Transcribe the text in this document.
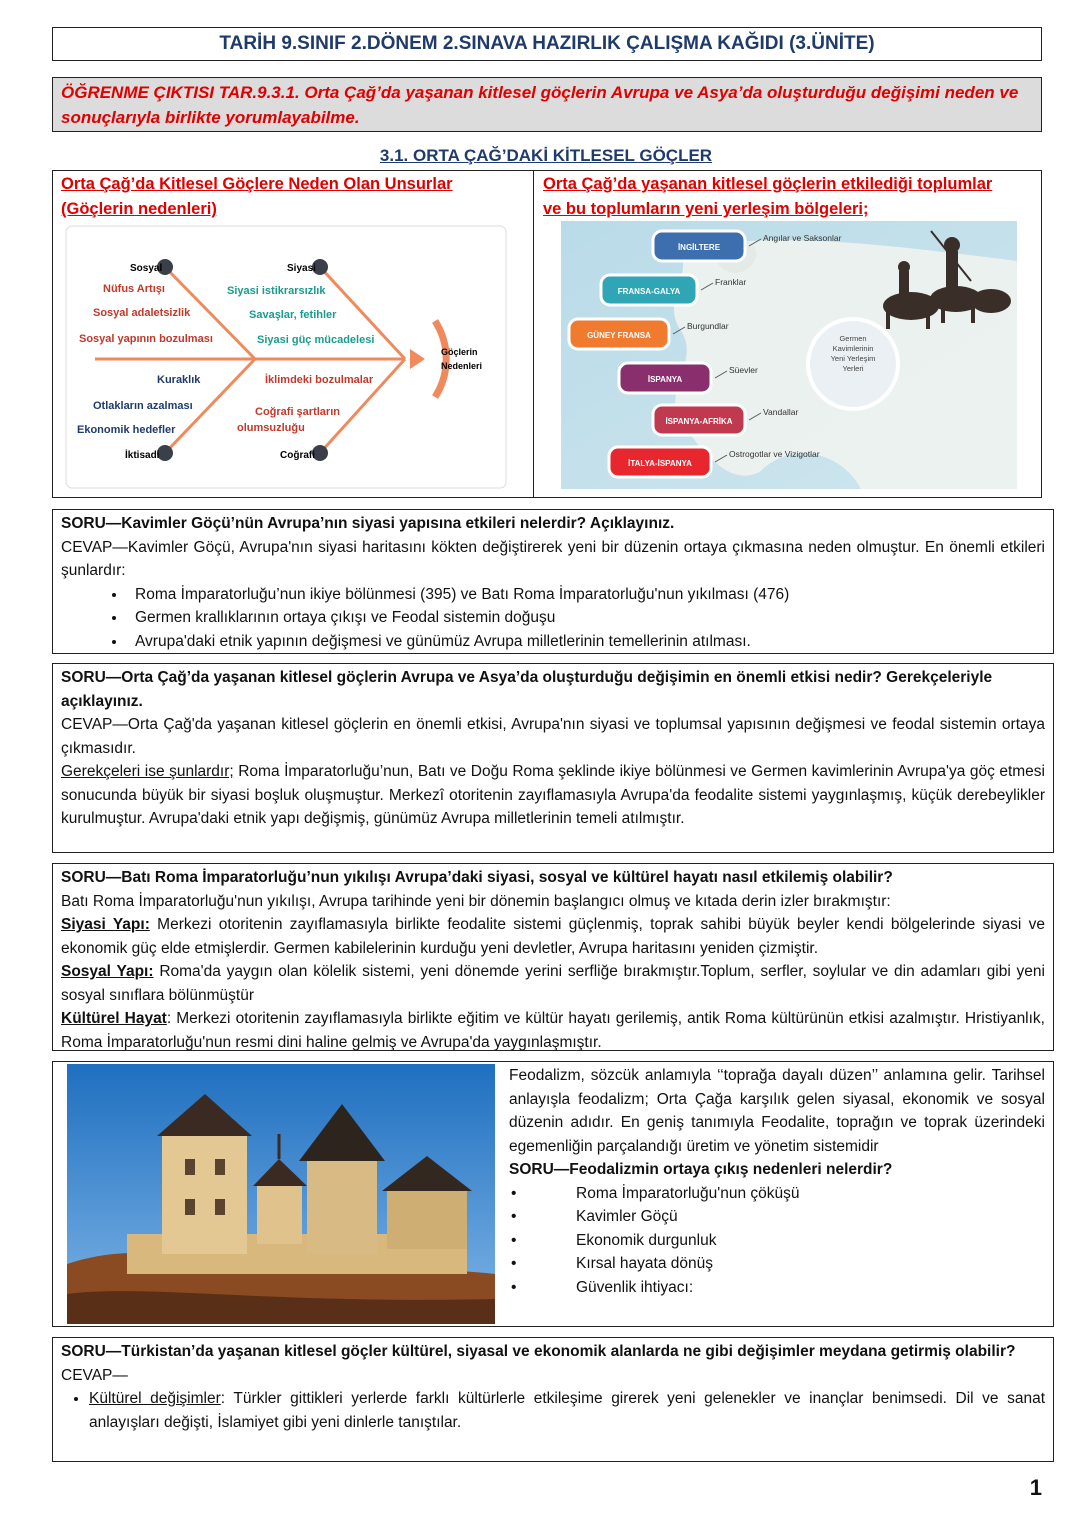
TARİH 9.SINIF 2.DÖNEM 2.SINAVA HAZIRLIK ÇALIŞMA KAĞIDI (3.ÜNİTE)
ÖĞRENME ÇIKTISI TAR.9.3.1. Orta Çağ’da yaşanan kitlesel göçlerin Avrupa ve Asya’da oluşturduğu değişimi neden ve sonuçlarıyla birlikte yorumlayabilme.
3.1. ORTA ÇAĞ’DAKİ KİTLESEL GÖÇLER
Orta Çağ’da Kitlesel Göçlere Neden Olan Unsurlar
(Göçlerin nedenleri)
Orta Çağ’da yaşanan kitlesel göçlerin etkilediği toplumlar
ve bu toplumların yeni yerleşim bölgeleri;
Sosyal	Siyasi
İktisadi	Coğrafi
Nüfus Artışı
Sosyal adaletsizlik
Sosyal yapının bozulması
Siyasi istikrarsızlık
Savaşlar, fetihler
Siyasi güç mücadelesi
Göçlerin
Nedenleri
Kuraklık
Otlakların azalması
Ekonomik hedefler
İklimdeki bozulmalar
Coğrafi şartların
olumsuzluğu
Germen
Kavimlerinin
Yeni Yerleşim
Yerleri
İNGİLTERE
Angılar ve Saksonlar
FRANSA-GALYA
Franklar
GÜNEY FRANSA
Burgundlar
İSPANYA
Süevler
İSPANYA-AFRİKA
Vandallar
İTALYA-İSPANYA
Ostrogotlar ve Vizigotlar
SORU—Kavimler Göçü’nün Avrupa’nın siyasi yapısına etkileri nelerdir? Açıklayınız.

CEVAP—Kavimler Göçü, Avrupa'nın siyasi haritasını kökten değiştirerek yeni bir düzenin ortaya çıkmasına neden olmuştur. En önemli etkileri şunlardır:

• Roma İmparatorluğu’nun ikiye bölünmesi (395) ve Batı Roma İmparatorluğu'nun yıkılması (476)
• Germen krallıklarının ortaya çıkışı ve Feodal sistemin doğuşu
• Avrupa'daki etnik yapının değişmesi ve günümüz Avrupa milletlerinin temellerinin atılması.
SORU—Orta Çağ’da yaşanan kitlesel göçlerin Avrupa ve Asya’da oluşturduğu değişimin en önemli etkisi nedir? Gerekçeleriyle açıklayınız.

CEVAP—Orta Çağ'da yaşanan kitlesel göçlerin en önemli etkisi, Avrupa'nın siyasi ve toplumsal yapısının değişmesi ve feodal sistemin ortaya çıkmasıdır.

Gerekçeleri ise şunlardır; Roma İmparatorluğu’nun, Batı ve Doğu Roma şeklinde ikiye bölünmesi ve Germen kavimlerinin Avrupa'ya göç etmesi sonucunda büyük bir siyasi boşluk oluşmuştur. Merkezî otoritenin zayıflamasıyla Avrupa'da feodalite sistemi yaygınlaşmış, küçük derebeylikler kurulmuştur. Avrupa'daki etnik yapı değişmiş, günümüz Avrupa milletlerinin temeli atılmıştır.

SORU—Batı Roma İmparatorluğu’nun yıkılışı Avrupa’daki siyasi, sosyal ve kültürel hayatı nasıl etkilemiş olabilir?

Batı Roma İmparatorluğu'nun yıkılışı, Avrupa tarihinde yeni bir dönemin başlangıcı olmuş ve kıtada derin izler bırakmıştır:

Siyasi Yapı: Merkezi otoritenin zayıflamasıyla birlikte feodalite sistemi güçlenmiş, toprak sahibi büyük beyler kendi bölgelerinde siyasi ve ekonomik güç elde etmişlerdir. Germen kabilelerinin kurduğu yeni devletler, Avrupa haritasını yeniden çizmiştir.

Sosyal Yapı: Roma'da yaygın olan kölelik sistemi, yeni dönemde yerini serfliğe bırakmıştır.Toplum, serfler, soylular ve din adamları gibi yeni sosyal sınıflara bölünmüştür

Kültürel Hayat: Merkezi otoritenin zayıflamasıyla birlikte eğitim ve kültür hayatı gerilemiş, antik Roma kültürünün etkisi azalmıştır. Hristiyanlık, Roma İmparatorluğu'nun resmi dini haline gelmiş ve Avrupa'da yaygınlaşmıştır.

Feodalizm, sözcük anlamıyla ‘‘toprağa dayalı düzen’’ anlamına gelir. Tarihsel anlayışla feodalizm; Orta Çağa karşılık gelen siyasal, ekonomik ve sosyal düzenin adıdır. En geniş tanımıyla Feodalite, toprağın ve toprak üzerindeki egemenliğin parçalandığı üretim ve yönetim sistemidir

SORU—Feodalizmin ortaya çıkış nedenleri nelerdir?
• Roma İmparatorluğu'nun çöküşü
• Kavimler Göçü
• Ekonomik durgunluk
• Kırsal hayata dönüş
• Güvenlik ihtiyacı:
SORU—Türkistan’da yaşanan kitlesel göçler kültürel, siyasal ve ekonomik alanlarda ne gibi değişimler meydana getirmiş olabilir?
CEVAP—
• Kültürel değişimler: Türkler gittikleri yerlerde farklı kültürlerle etkileşime girerek yeni gelenekler ve inançlar benimsedi. Dil ve sanat anlayışları değişti, İslamiyet gibi yeni dinlerle tanıştılar.
1
